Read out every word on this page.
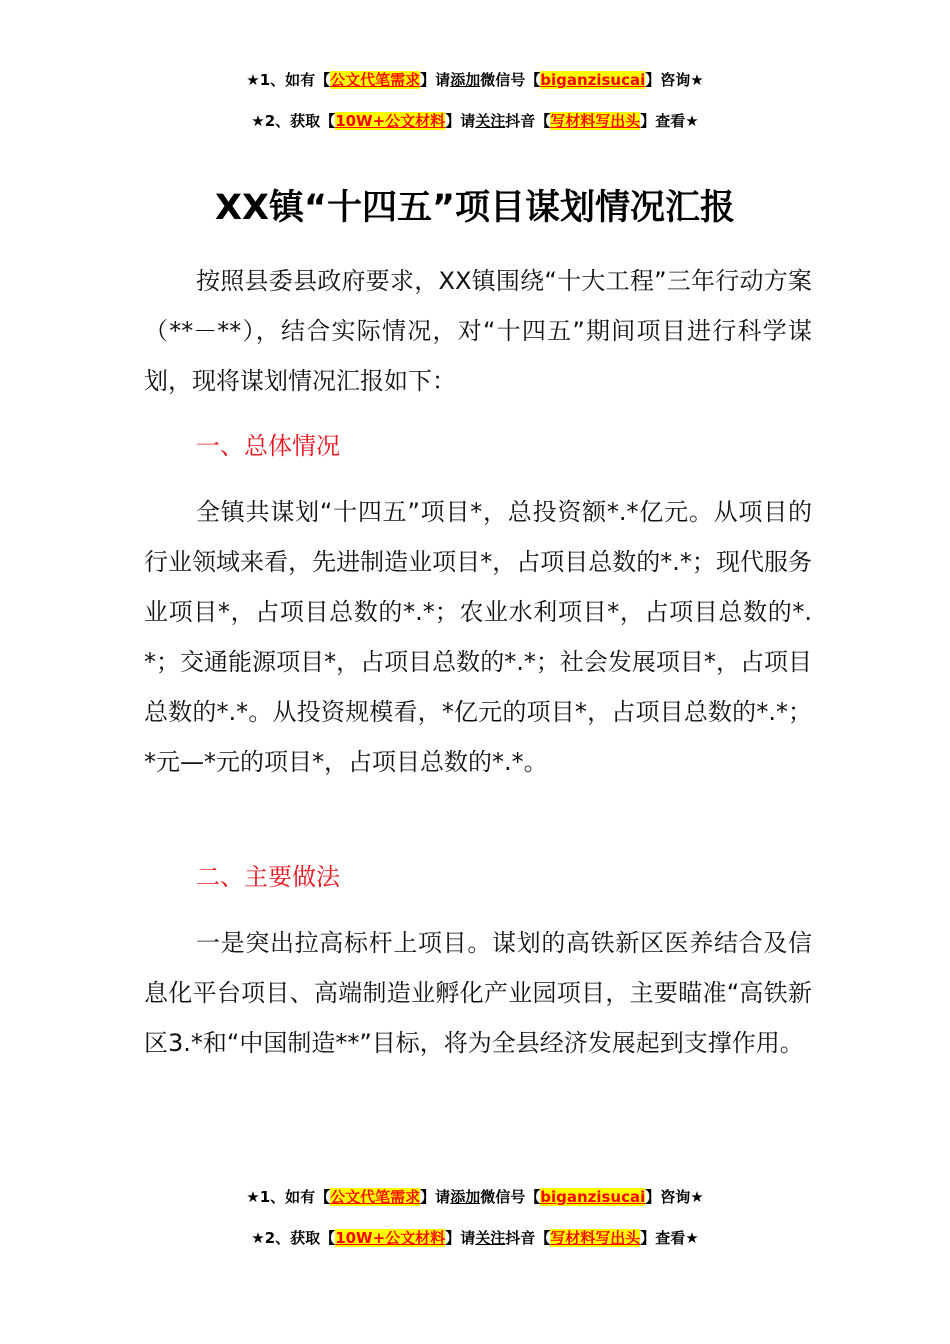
★1、如有【公文代笔需求】请添加微信号【biganzisucai】咨询★
★2、获取【10W+公文材料】请关注抖音【写材料写出头】查看★
XX镇“十四五”项目谋划情况汇报

按照县委县政府要求，XX镇围绕“十大工程”三年行动方案（**－**），结合实际情况，对“十四五”期间项目进行科学谋划，现将谋划情况汇报如下：

一、总体情况

全镇共谋划“十四五”项目*，总投资额*.*亿元。从项目的行业领域来看，先进制造业项目*，占项目总数的*.*；现代服务业项目*，占项目总数的*.*；农业水利项目*，占项目总数的*.*；交通能源项目*，占项目总数的*.*；社会发展项目*，占项目总数的*.*。从投资规模看，*亿元的项目*，占项目总数的*.*；*元—*元的项目*，占项目总数的*.*。

二、主要做法

一是突出拉高标杆上项目。谋划的高铁新区医养结合及信息化平台项目、高端制造业孵化产业园项目，主要瞄准“高铁新区3.*和“中国制造**”目标，将为全县经济发展起到支撑作用。

★1、如有【公文代笔需求】请添加微信号【biganzisucai】咨询★
★2、获取【10W+公文材料】请关注抖音【写材料写出头】查看★
